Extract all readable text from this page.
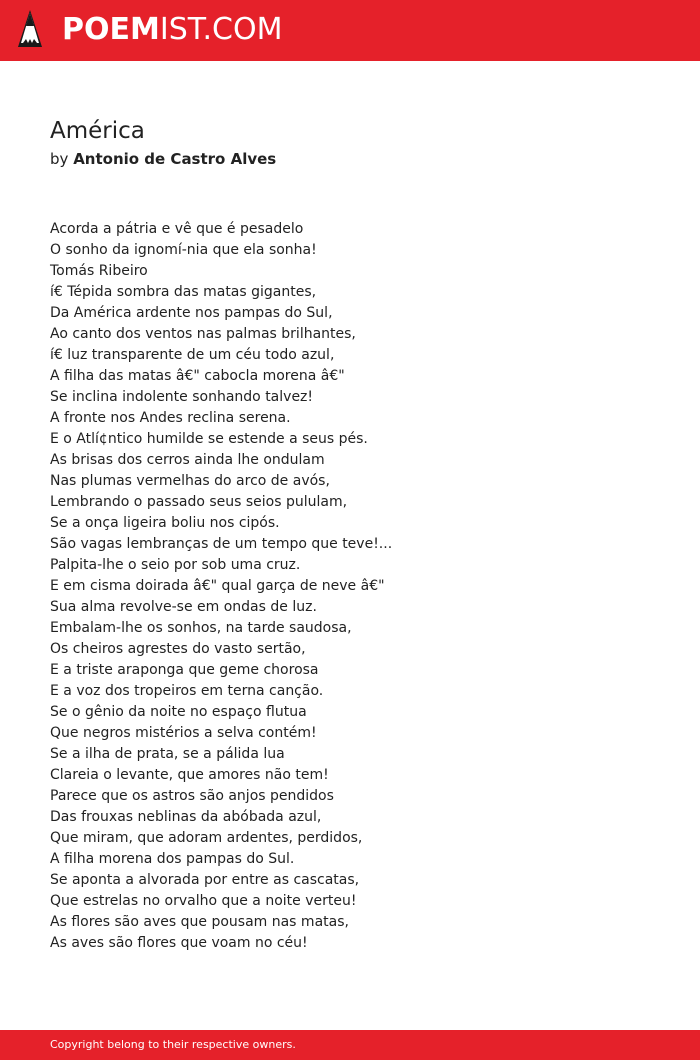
POEMIST.COM
América
by Antonio de Castro Alves
Acorda a pátria e vê que é pesadelo
O sonho da ignomí-nia que ela sonha!
Tomás Ribeiro
í€ Tépida sombra das matas gigantes,
Da América ardente nos pampas do Sul,
Ao canto dos ventos nas palmas brilhantes,
í€ luz transparente de um céu todo azul,
A filha das matas â€" cabocla morena â€"
Se inclina indolente sonhando talvez!
A fronte nos Andes reclina serena.
E o Atlí¢ntico humilde se estende a seus pés.
As brisas dos cerros ainda lhe ondulam
Nas plumas vermelhas do arco de avós,
Lembrando o passado seus seios pululam,
Se a onça ligeira boliu nos cipós.
São vagas lembranças de um tempo que teve!...
Palpita-lhe o seio por sob uma cruz.
E em cisma doirada â€" qual garça de neve â€"
Sua alma revolve-se em ondas de luz.
Embalam-lhe os sonhos, na tarde saudosa,
Os cheiros agrestes do vasto sertão,
E a triste araponga que geme chorosa
E a voz dos tropeiros em terna canção.
Se o gênio da noite no espaço flutua
Que negros mistérios a selva contém!
Se a ilha de prata, se a pálida lua
Clareia o levante, que amores não tem!
Parece que os astros são anjos pendidos
Das frouxas neblinas da abóbada azul,
Que miram, que adoram ardentes, perdidos,
A filha morena dos pampas do Sul.
Se aponta a alvorada por entre as cascatas,
Que estrelas no orvalho que a noite verteu!
As flores são aves que pousam nas matas,
As aves são flores que voam no céu!
Copyright belong to their respective owners.
